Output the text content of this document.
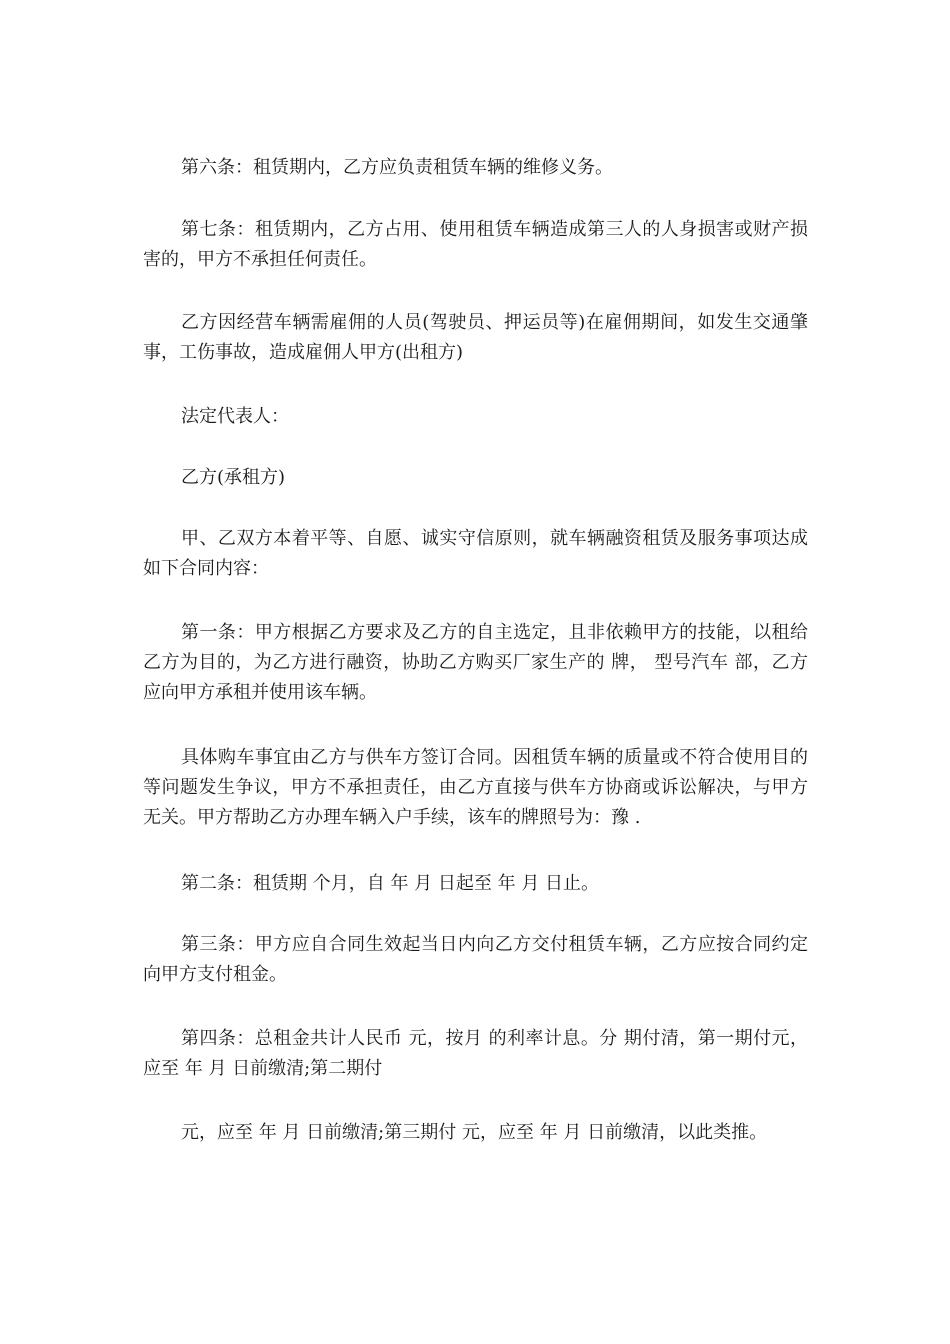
第六条：租赁期内，乙方应负责租赁车辆的维修义务。

第七条：租赁期内，乙方占用、使用租赁车辆造成第三人的人身损害或财产损害的，甲方不承担任何责任。

乙方因经营车辆需雇佣的人员(驾驶员、押运员等)在雇佣期间，如发生交通肇事，工伤事故，造成雇佣人甲方(出租方)

法定代表人：

乙方(承租方)

甲、乙双方本着平等、自愿、诚实守信原则，就车辆融资租赁及服务事项达成如下合同内容：

第一条：甲方根据乙方要求及乙方的自主选定，且非依赖甲方的技能，以租给乙方为目的，为乙方进行融资，协助乙方购买厂家生产的 牌， 型号汽车 部，乙方应向甲方承租并使用该车辆。

具体购车事宜由乙方与供车方签订合同。因租赁车辆的质量或不符合使用目的等问题发生争议，甲方不承担责任，由乙方直接与供车方协商或诉讼解决，与甲方无关。甲方帮助乙方办理车辆入户手续，该车的牌照号为：豫 .

第二条：租赁期 个月，自 年 月 日起至 年 月 日止。

第三条：甲方应自合同生效起当日内向乙方交付租赁车辆，乙方应按合同约定向甲方支付租金。

第四条：总租金共计人民币 元，按月 的利率计息。分 期付清，第一期付元，应至 年 月 日前缴清;第二期付

元，应至 年 月 日前缴清;第三期付 元，应至 年 月 日前缴清，以此类推。
